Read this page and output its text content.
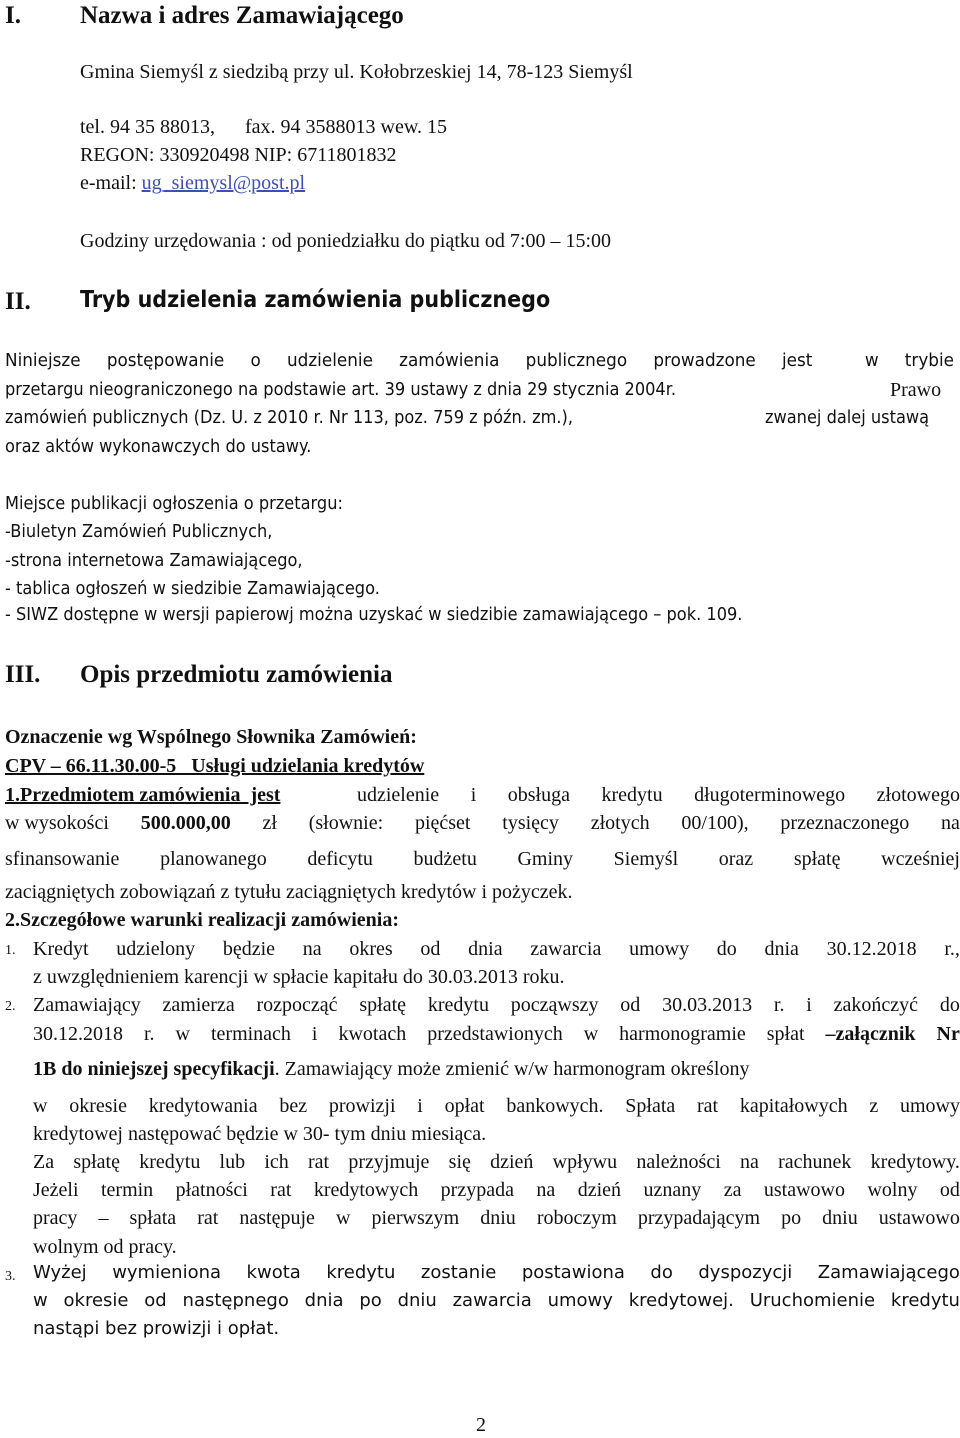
I. Nazwa i adres Zamawiającego
Gmina Siemyśl z siedzibą przy ul. Kołobrzeskiej 14, 78-123 Siemyśl
tel. 94 35 88013,      fax. 94 3588013 wew. 15
REGON: 330920498 NIP: 6711801832
e-mail: ug_siemysl@post.pl
Godziny urzędowania : od poniedziałku do piątku od 7:00 – 15:00
II. Tryb udzielenia zamówienia publicznego
Niniejsze postępowanie o udzielenie zamówienia publicznego prowadzone jest	w trybie
przetargu nieograniczonego na podstawie art. 39 ustawy z dnia 29 stycznia 2004r.	Prawo
zamówień publicznych (Dz. U. z 2010 r. Nr 113, poz. 759 z późn. zm.),	zwanej dalej ustawą
oraz aktów wykonawczych do ustawy.
Miejsce publikacji ogłoszenia o przetargu:
-Biuletyn Zamówień Publicznych,
-strona internetowa Zamawiającego,
- tablica ogłoszeń w siedzibie Zamawiającego.
- SIWZ dostępne w wersji papierowj można uzyskać w siedzibie zamawiającego – pok. 109.
III. Opis przedmiotu zamówienia
Oznaczenie wg Wspólnego Słownika Zamówień:
CPV – 66.11.30.00-5   Usługi udzielania kredytów
1.Przedmiotem zamówienia  jest	udzielenie i obsługa kredytu długoterminowego złotowego
w wysokości 500.000,00 zł (słownie: pięćset tysięcy złotych 00/100), przeznaczonego na
sfinansowanie planowanego deficytu budżetu Gminy Siemyśl oraz spłatę wcześniej
zaciągniętych zobowiązań z tytułu zaciągniętych kredytów i pożyczek.
2.Szczegółowe warunki realizacji zamówienia:
1. Kredyt udzielony będzie na okres od dnia zawarcia umowy do dnia 30.12.2018 r.,
z uwzględnieniem karencji w spłacie kapitału do 30.03.2013 roku.
2. Zamawiający zamierza rozpocząć spłatę kredytu począwszy od 30.03.2013 r. i zakończyć do
30.12.2018 r. w terminach i kwotach przedstawionych w harmonogramie spłat –załącznik Nr
1B do niniejszej specyfikacji. Zamawiający może zmienić w/w harmonogram określony
w okresie kredytowania bez prowizji i opłat bankowych. Spłata rat kapitałowych z umowy
kredytowej następować będzie w 30- tym dniu miesiąca.
Za spłatę kredytu lub ich rat przyjmuje się dzień wpływu należności na rachunek kredytowy.
Jeżeli termin płatności rat kredytowych przypada na dzień uznany za ustawowo wolny od
pracy – spłata rat następuje w pierwszym dniu roboczym przypadającym po dniu ustawowo
wolnym od pracy.
3. Wyżej wymieniona kwota kredytu zostanie postawiona do dyspozycji Zamawiającego
w okresie od następnego dnia po dniu zawarcia umowy kredytowej. Uruchomienie kredytu
nastąpi bez prowizji i opłat.
2
